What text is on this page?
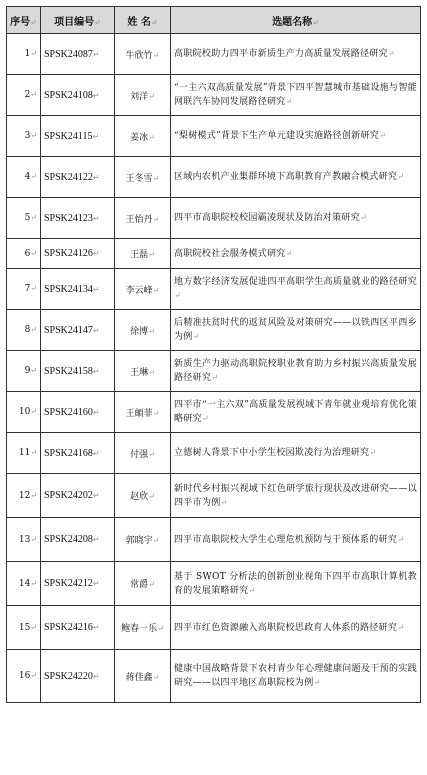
序号↵	项目编号↵	姓 名↵	选题名称↵
1↵	SPSK24087↵	牛欣竹↵	高职院校助力四平市新质生产力高质量发展路径研究↵
2↵	SPSK24108↵	刘洋↵	“一主六双高质量发展”背景下四平智慧城市基础设施与智能网联汽车协同发展路径研究↵
3↵	SPSK24115↵	姜冰↵	“梨树模式”背景下生产单元建设实施路径创新研究↵
4↵	SPSK24122↵	王冬雪↵	区域内农机产业集群环境下高职教育产教融合模式研究↵
5↵	SPSK24123↵	王怡丹↵	四平市高职院校校园霸凌现状及防治对策研究↵
6↵	SPSK24126↵	王磊↵	高职院校社会服务模式研究↵
7↵	SPSK24134↵	李云峰↵	地方数字经济发展促进四平高职学生高质量就业的路径研究↵
8↵	SPSK24147↵	徐博↵	后精准扶贫时代的返贫风险及对策研究——以铁西区平西乡为例↵
9↵	SPSK24158↵	王琳↵	新质生产力驱动高职院校职业教育助力乡村振兴高质量发展路径研究↵
10↵	SPSK24160↵	王頔菲↵	四平市“一主六双”高质量发展视域下青年就业观培育优化策略研究↵
11↵	SPSK24168↵	付强↵	立德树人背景下中小学生校园欺凌行为治理研究↵
12↵	SPSK24202↵	赵欣↵	新时代乡村振兴视域下红色研学旅行现状及改进研究——以四平市为例↵
13↵	SPSK24208↵	郭晓宇↵	四平市高职院校大学生心理危机预防与干预体系的研究↵
14↵	SPSK24212↵	常爵↵	基于 SWOT 分析法的创新创业视角下四平市高职计算机教育的发展策略研究↵
15↵	SPSK24216↵	鲍春一乐↵	四平市红色资源融入高职院校思政育人体系的路径研究↵
16↵	SPSK24220↵	蒋佳鑫↵	健康中国战略背景下农村青少年心理健康问题及干预的实践研究——以四平地区高职院校为例↵
